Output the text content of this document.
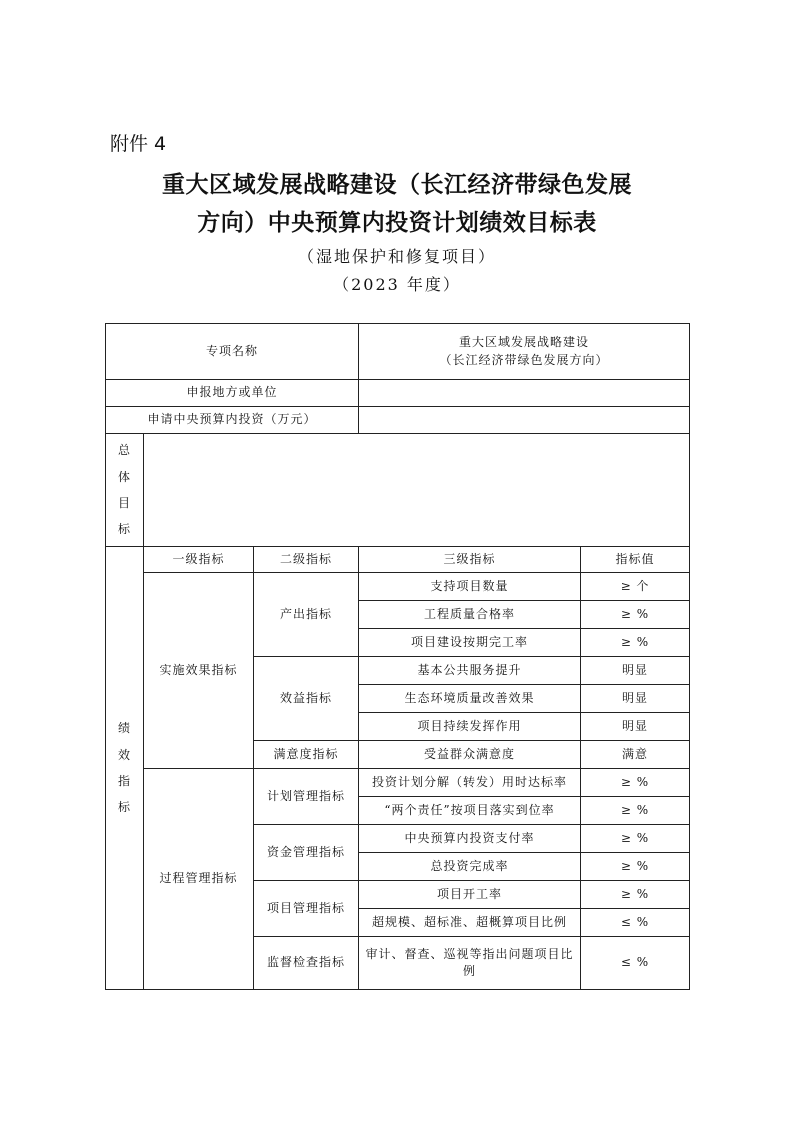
附件 4
重大区域发展战略建设（长江经济带绿色发展
方向）中央预算内投资计划绩效目标表
（湿地保护和修复项目）
（2023 年度）
专项名称			重大区域发展战略建设
（长江经济带绿色发展方向）	

申报地方或单位				
申请中央预算内投资（万元）				

总
体
目
标				

绩
效
指
标	一级指标	二级指标	三级指标	指标值
	实施效果指标	产出指标	支持项目数量	≥ 个
			工程质量合格率	≥ %
			项目建设按期完工率	≥ %
		效益指标	基本公共服务提升	明显
			生态环境质量改善效果	明显
			项目持续发挥作用	明显
		满意度指标	受益群众满意度	满意
	过程管理指标	计划管理指标	投资计划分解（转发）用时达标率	≥ %
			“两个责任”按项目落实到位率	≥ %
		资金管理指标	中央预算内投资支付率	≥ %
			总投资完成率	≥ %
		项目管理指标	项目开工率	≥ %
			超规模、超标准、超概算项目比例	≤ %
		监督检查指标	审计、督查、巡视等指出问题项目比例	≤ %
